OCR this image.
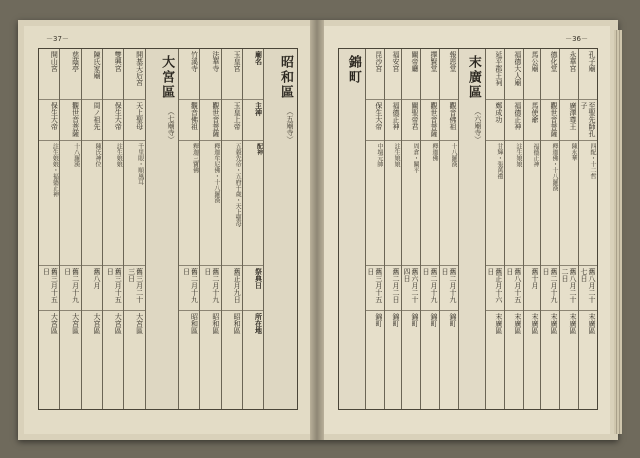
－37－
昭和區
（五廟寺）
廟名
主神
配神
祭典日
所在地
玉皇宮
玉皇上帝
五穀先帝・五府千歲・天上聖母
舊正月九日
昭和區
法華寺
觀世音菩薩
釋迦牟尼佛・十八羅漢
舊二月十九日
昭和區
竹溪寺
觀音佛祖
釋迦三寶佛
舊二月十九日
昭和區
大宮區
（七廟寺）
開基天后宮
天上聖母
千里眼・順風耳
舊三月二十三日
大宮區
雙興宮
保生大帝
註生娘娘
舊三月十五日
大宮區
陳氏家廟
周ノ祖先
陳氏神位
舊八月
大宮區
慈蔭亭
觀世音菩薩
十八羅漢
舊二月十九日
大宮區
開山宮
保生大帝
註生娘娘・福德正神
舊三月十五日
大宮區
－36－
孔子廟
至聖先師孔子
四配・十二哲
舊八月二十七日
末廣區
永華宮
廣澤尊王
陳永華
舊八月二十二日
末廣區
德化堂
觀世音菩薩
釋迦佛・十八羅漢
舊二月十九日
末廣區
馬公廟
馬使爺
福德正神
舊十月
末廣區
福德大人廟
福德正神
註生娘娘
舊八月十五日
末廣區
延平郡王祠
鄭成功
甘輝・張萬禮
舊正月十六日
末廣區
末廣區
（六廟寺）
報恩堂
觀音佛祖
十八羅漢
舊二月十九日
錦町
擇賢堂
觀世音菩薩
釋迦佛
舊二月十九日
錦町
關帝廳
關聖帝君
周倉・關平
舊六月二十四日
錦町
福安宮
福德正神
註生娘娘
舊二月二日
錦町
昆沙宮
保生大帝
中壇元帥
舊三月十五日
錦町
錦町
